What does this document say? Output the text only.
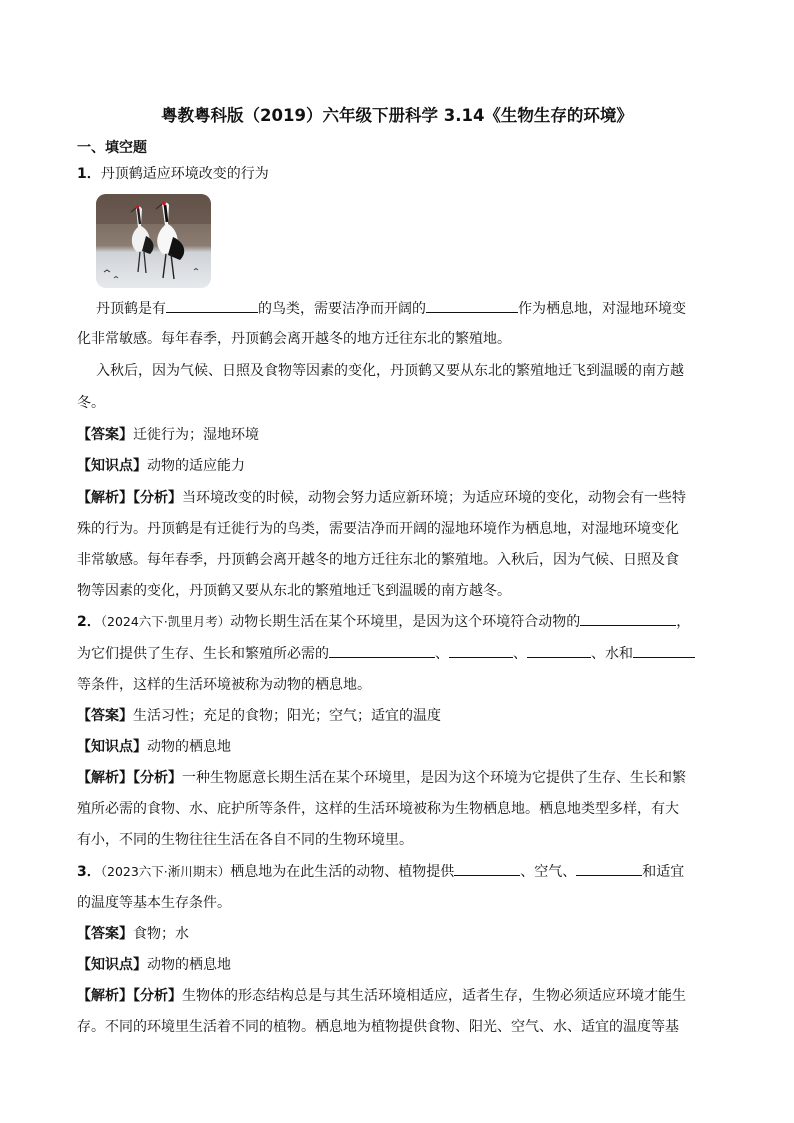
粤教粤科版（2019）六年级下册科学 3.14《生物生存的环境》
一、填空题
1．丹顶鹤适应环境改变的行为
丹顶鹤是有	的鸟类，需要洁净而开阔的	作为栖息地，对湿地环境变
化非常敏感。每年春季，丹顶鹤会离开越冬的地方迁往东北的繁殖地。
入秋后，因为气候、日照及食物等因素的变化，丹顶鹤又要从东北的繁殖地迁飞到温暖的南方越
冬。
【答案】迁徙行为；湿地环境
【知识点】动物的适应能力
【解析】【分析】当环境改变的时候，动物会努力适应新环境；为适应环境的变化，动物会有一些特
殊的行为。丹顶鹤是有迁徙行为的鸟类，需要洁净而开阔的湿地环境作为栖息地，对湿地环境变化
非常敏感。每年春季，丹顶鹤会离开越冬的地方迁往东北的繁殖地。入秋后，因为气候、日照及食
物等因素的变化，丹顶鹤又要从东北的繁殖地迁飞到温暖的南方越冬。
2．（2024六下·凯里月考）动物长期生活在某个环境里，是因为这个环境符合动物的	，
为它们提供了生存、生长和繁殖所必需的	、	、	、水和
等条件，这样的生活环境被称为动物的栖息地。
【答案】生活习性；充足的食物；阳光；空气；适宜的温度
【知识点】动物的栖息地
【解析】【分析】一种生物愿意长期生活在某个环境里，是因为这个环境为它提供了生存、生长和繁
殖所必需的食物、水、庇护所等条件，这样的生活环境被称为生物栖息地。栖息地类型多样，有大
有小，不同的生物往往生活在各自不同的生物环境里。
3．（2023六下·淅川期末）栖息地为在此生活的动物、植物提供	、空气、	和适宜
的温度等基本生存条件。
【答案】食物；水
【知识点】动物的栖息地
【解析】【分析】生物体的形态结构总是与其生活环境相适应，适者生存，生物必须适应环境才能生
存。不同的环境里生活着不同的植物。栖息地为植物提供食物、阳光、空气、水、适宜的温度等基
